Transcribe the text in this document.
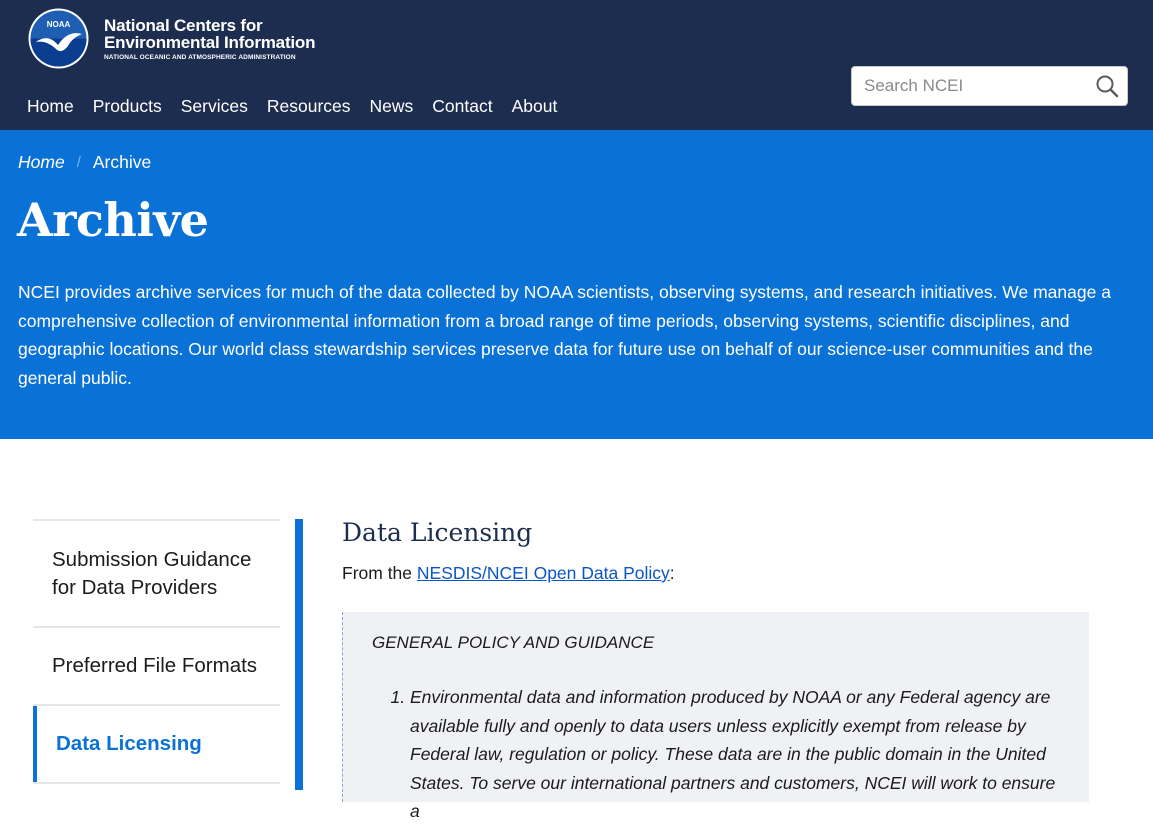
NOAA National Centers for
Environmental Information
NATIONAL OCEANIC AND ATMOSPHERIC ADMINISTRATION
Home Products Services Resources News Contact About
Search NCEI
Home / Archive
Archive

NCEI provides archive services for much of the data collected by NOAA scientists, observing systems, and research initiatives. We manage a comprehensive collection of environmental information from a broad range of time periods, observing systems, scientific disciplines, and geographic locations. Our world class stewardship services preserve data for future use on behalf of our science-user communities and the general public.

Submission Guidance for Data Providers
Preferred File Formats
Data Licensing
Data Licensing
From the NESDIS/NCEI Open Data Policy:
GENERAL POLICY AND GUIDANCE
1. Environmental data and information produced by NOAA or any Federal agency are available fully and openly to data users unless explicitly exempt from release by Federal law, regulation or policy. These data are in the public domain in the United States. To serve our international partners and customers, NCEI will work to ensure a
